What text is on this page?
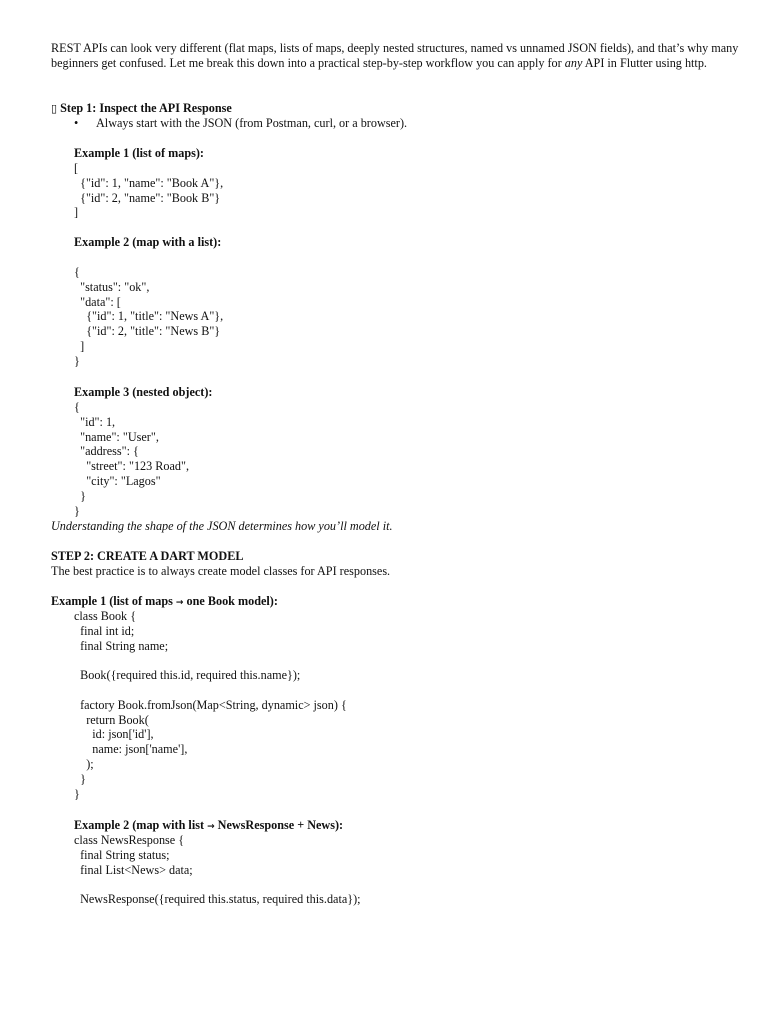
REST APIs can look very different (flat maps, lists of maps, deeply nested structures, named vs unnamed JSON fields), and that’s why many beginners get confused. Let me break this down into a practical step-by-step workflow you can apply for any API in Flutter using http.

▯ Step 1: Inspect the API Response

• Always start with the JSON (from Postman, curl, or a browser).
Example 1 (list of maps):
[
{"id": 1, "name": "Book A"},
{"id": 2, "name": "Book B"}
]
Example 2 (map with a list):
{
"status": "ok",
"data": [
{"id": 1, "title": "News A"},
{"id": 2, "title": "News B"}
]
}
Example 3 (nested object):
{
"id": 1,
"name": "User",
"address": {
"street": "123 Road",
"city": "Lagos"
}
}

Understanding the shape of the JSON determines how you’ll model it.

STEP 2: CREATE A DART MODEL

The best practice is to always create model classes for API responses.

Example 1 (list of maps → one Book model):
class Book {
final int id;
final String name;

Book({required this.id, required this.name});

factory Book.fromJson(Map<String, dynamic> json) {
return Book(
id: json['id'],
name: json['name'],
);
}
}
Example 2 (map with list → NewsResponse + News):
class NewsResponse {
final String status;
final List<News> data;

NewsResponse({required this.status, required this.data});
